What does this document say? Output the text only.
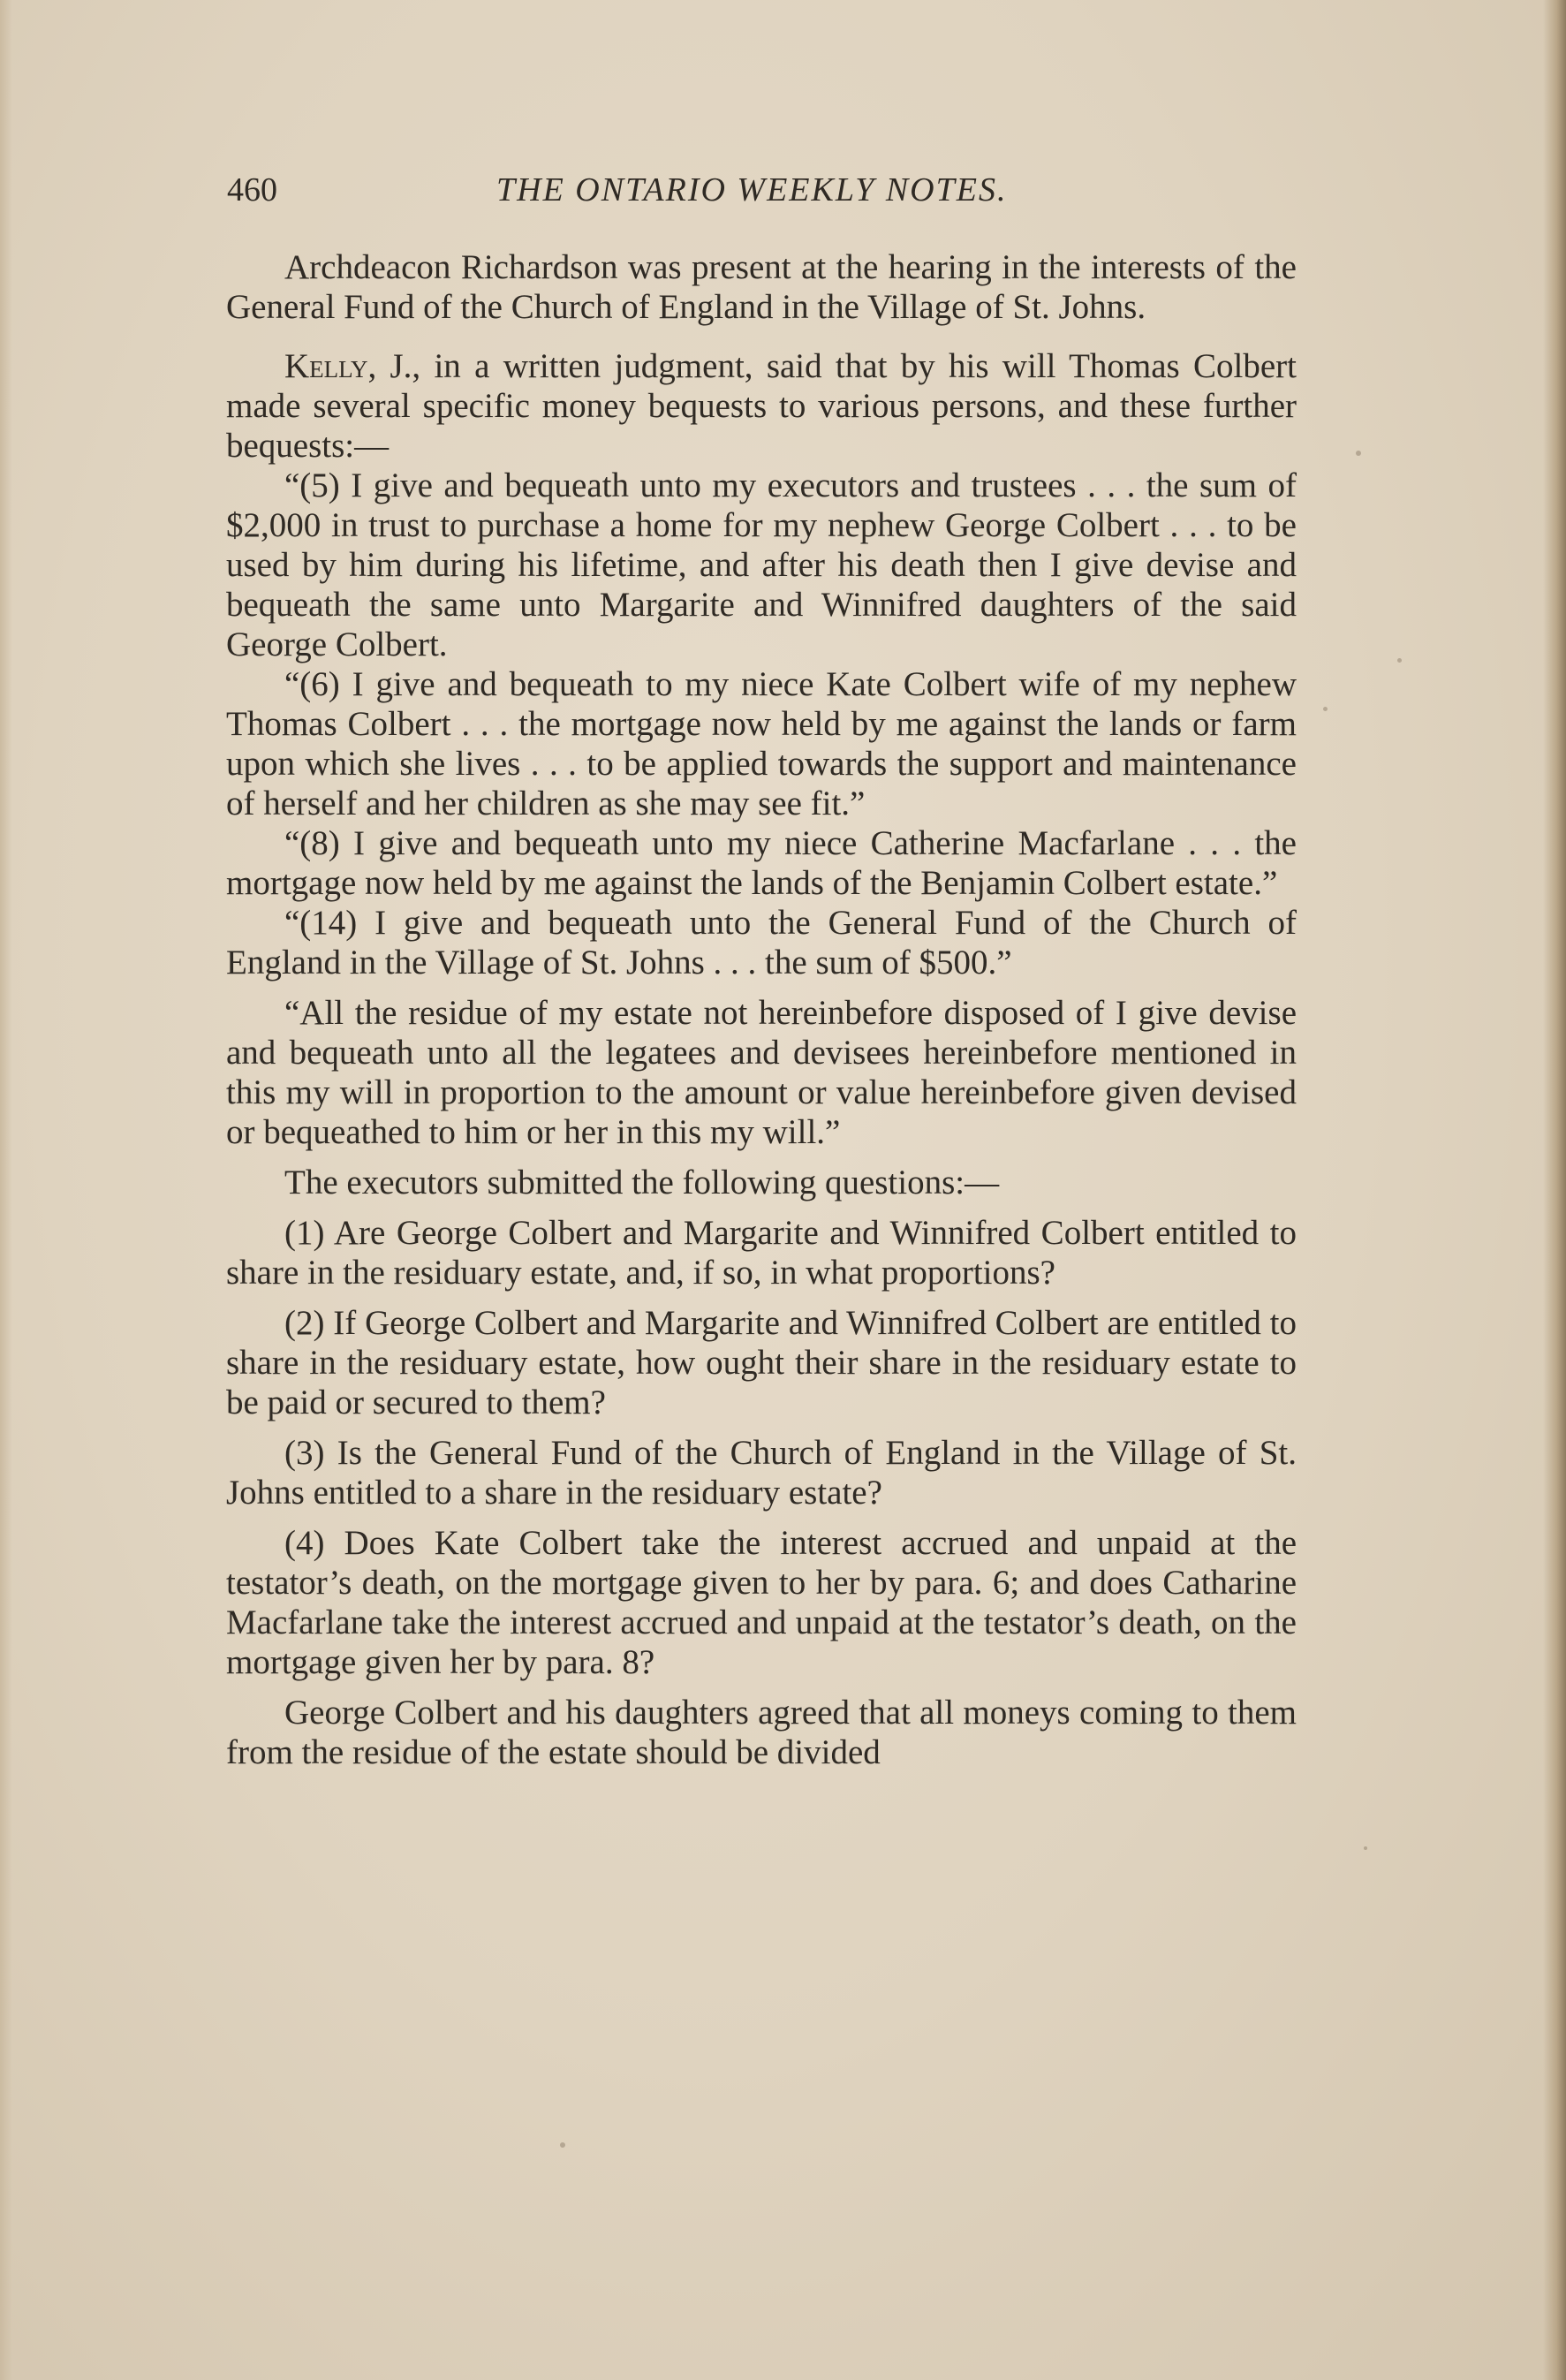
460	THE ONTARIO WEEKLY NOTES.

Archdeacon Richardson was present at the hearing in the interests of the General Fund of the Church of England in the Village of St. Johns.

Kelly, J., in a written judgment, said that by his will Thomas Colbert made several specific money bequests to various persons, and these further bequests:—

“(5) I give and bequeath unto my executors and trustees . . . the sum of $2,000 in trust to purchase a home for my nephew George Colbert . . . to be used by him during his lifetime, and after his death then I give devise and bequeath the same unto Margarite and Winnifred daughters of the said George Colbert.

“(6) I give and bequeath to my niece Kate Colbert wife of my nephew Thomas Colbert . . . the mortgage now held by me against the lands or farm upon which she lives . . . to be applied towards the support and maintenance of herself and her children as she may see fit.”

“(8) I give and bequeath unto my niece Catherine Macfarlane . . . the mortgage now held by me against the lands of the Benjamin Colbert estate.”

“(14) I give and bequeath unto the General Fund of the Church of England in the Village of St. Johns . . . the sum of $500.”

“All the residue of my estate not hereinbefore disposed of I give devise and bequeath unto all the legatees and devisees hereinbefore mentioned in this my will in proportion to the amount or value hereinbefore given devised or bequeathed to him or her in this my will.”

The executors submitted the following questions:—

(1) Are George Colbert and Margarite and Winnifred Colbert entitled to share in the residuary estate, and, if so, in what proportions?

(2) If George Colbert and Margarite and Winnifred Colbert are entitled to share in the residuary estate, how ought their share in the residuary estate to be paid or secured to them?

(3) Is the General Fund of the Church of England in the Village of St. Johns entitled to a share in the residuary estate?

(4) Does Kate Colbert take the interest accrued and unpaid at the testator’s death, on the mortgage given to her by para. 6; and does Catharine Macfarlane take the interest accrued and unpaid at the testator’s death, on the mortgage given her by para. 8?

George Colbert and his daughters agreed that all moneys coming to them from the residue of the estate should be divided
